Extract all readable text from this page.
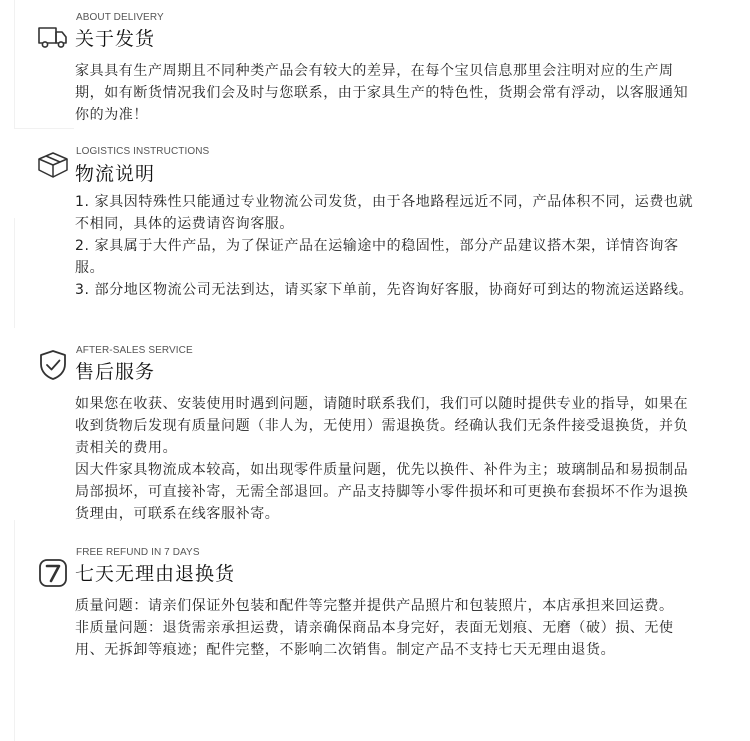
ABOUT DELIVERY
关于发货

家具具有生产周期且不同种类产品会有较大的差异，在每个宝贝信息那里会注明对应的生产周期，如有断货情况我们会及时与您联系，由于家具生产的特色性，货期会常有浮动，以客服通知你的为准！

LOGISTICS INSTRUCTIONS
物流说明

1. 家具因特殊性只能通过专业物流公司发货，由于各地路程远近不同，产品体积不同，运费也就不相同，具体的运费请咨询客服。

2. 家具属于大件产品，为了保证产品在运输途中的稳固性，部分产品建议搭木架，详情咨询客服。

3. 部分地区物流公司无法到达，请买家下单前，先咨询好客服，协商好可到达的物流运送路线。

AFTER-SALES SERVICE
售后服务

如果您在收获、安装使用时遇到问题，请随时联系我们，我们可以随时提供专业的指导，如果在收到货物后发现有质量问题（非人为，无使用）需退换货。经确认我们无条件接受退换货，并负责相关的费用。

因大件家具物流成本较高，如出现零件质量问题，优先以换件、补件为主；玻璃制品和易损制品局部损坏，可直接补寄，无需全部退回。产品支持脚等小零件损坏和可更换布套损坏不作为退换货理由，可联系在线客服补寄。

FREE REFUND IN 7 DAYS
七天无理由退换货

质量问题：请亲们保证外包装和配件等完整并提供产品照片和包装照片，本店承担来回运费。

非质量问题：退货需亲承担运费，请亲确保商品本身完好，表面无划痕、无磨（破）损、无使用、无拆卸等痕迹；配件完整，不影响二次销售。制定产品不支持七天无理由退货。
